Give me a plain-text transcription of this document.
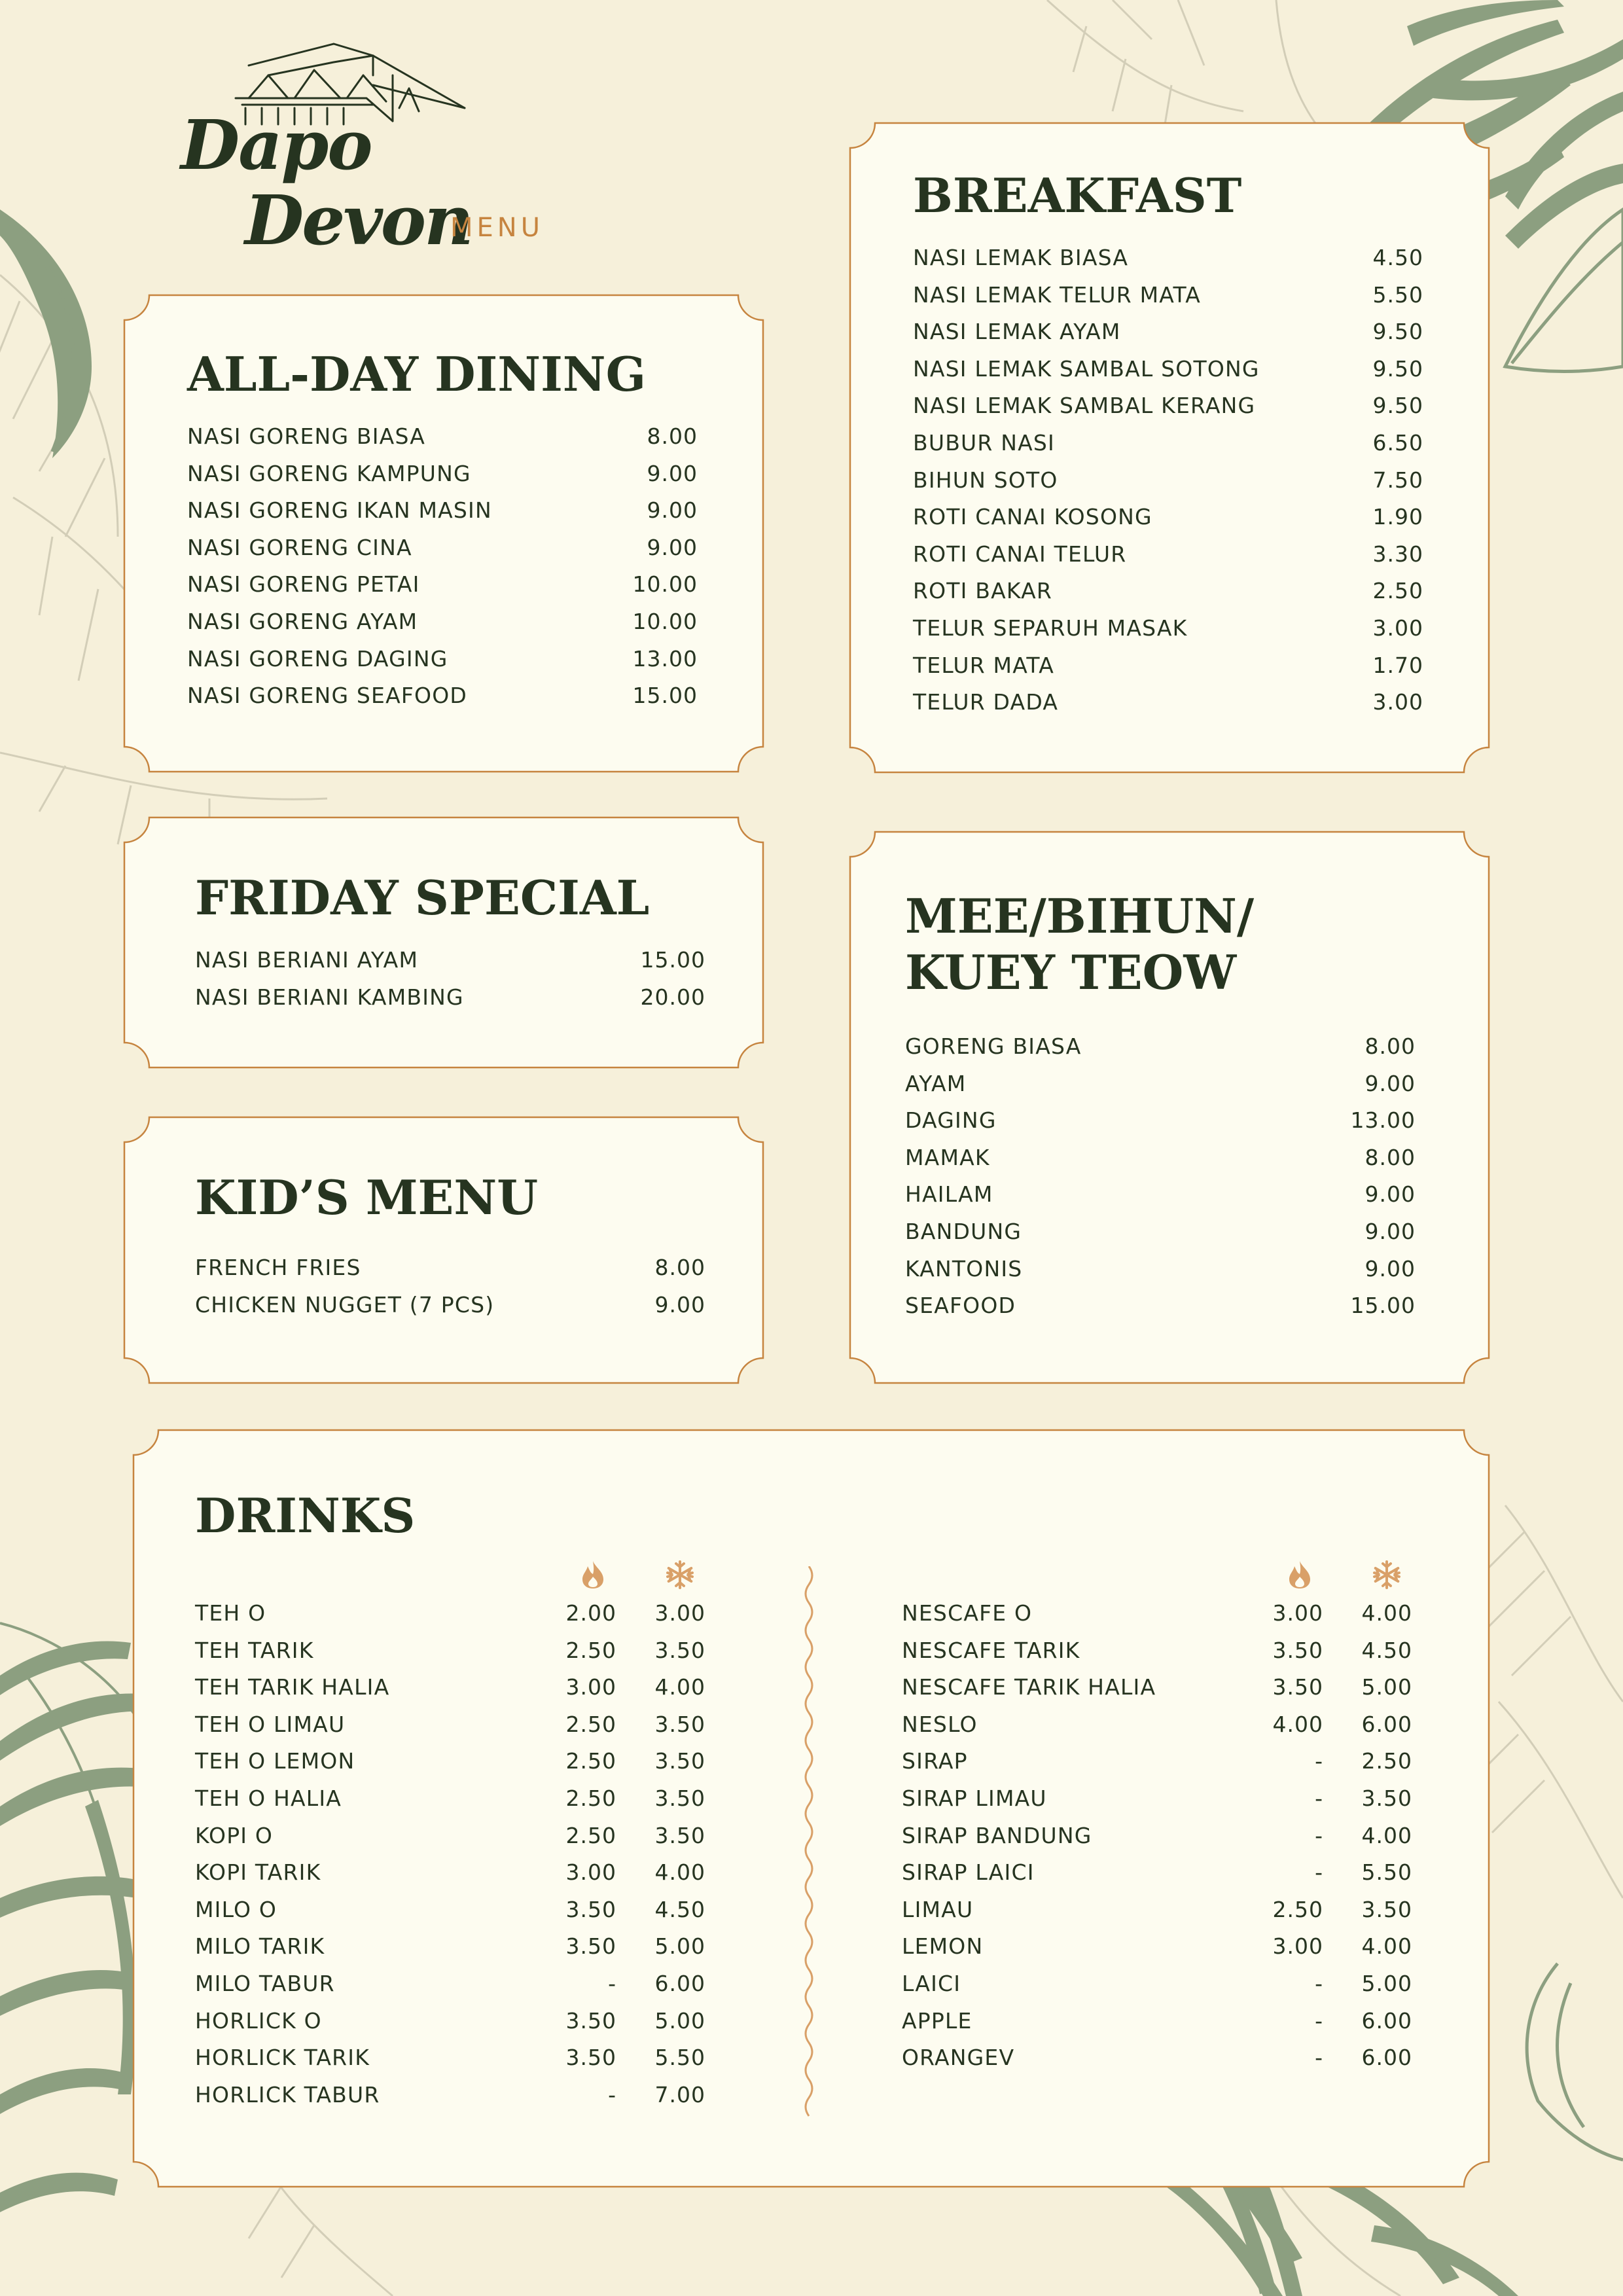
Dapo
Devon
MENU
ALL-DAY DINING
NASI GORENG BIASA	8.00
NASI GORENG KAMPUNG	9.00
NASI GORENG IKAN MASIN	9.00
NASI GORENG CINA	9.00
NASI GORENG PETAI	10.00
NASI GORENG AYAM	10.00
NASI GORENG DAGING	13.00
NASI GORENG SEAFOOD	15.00
BREAKFAST
NASI LEMAK BIASA	4.50
NASI LEMAK TELUR MATA	5.50
NASI LEMAK AYAM	9.50
NASI LEMAK SAMBAL SOTONG	9.50
NASI LEMAK SAMBAL KERANG	9.50
BUBUR NASI	6.50
BIHUN SOTO	7.50
ROTI CANAI KOSONG	1.90
ROTI CANAI TELUR	3.30
ROTI BAKAR	2.50
TELUR SEPARUH MASAK	3.00
TELUR MATA	1.70
TELUR DADA	3.00
FRIDAY SPECIAL
NASI BERIANI AYAM	15.00
NASI BERIANI KAMBING	20.00
KID’S MENU
FRENCH FRIES	8.00
CHICKEN NUGGET (7 PCS)	9.00
MEE/BIHUN/
KUEY TEOW
GORENG BIASA	8.00
AYAM	9.00
DAGING	13.00
MAMAK	8.00
HAILAM	9.00
BANDUNG	9.00
KANTONIS	9.00
SEAFOOD	15.00
DRINKS
TEH O	2.00 3.00
TEH TARIK	2.50 3.50
TEH TARIK HALIA	3.00 4.00
TEH O LIMAU	2.50 3.50
TEH O LEMON	2.50 3.50
TEH O HALIA	2.50 3.50
KOPI O	2.50 3.50
KOPI TARIK	3.00 4.00
MILO O	3.50 4.50
MILO TARIK	3.50 5.00
MILO TABUR	- 6.00
HORLICK O	3.50 5.00
HORLICK TARIK	3.50 5.50
HORLICK TABUR	- 7.00
NESCAFE O	3.00 4.00
NESCAFE TARIK	3.50 4.50
NESCAFE TARIK HALIA	3.50 5.00
NESLO	4.00 6.00
SIRAP	- 2.50
SIRAP LIMAU	- 3.50
SIRAP BANDUNG	- 4.00
SIRAP LAICI	- 5.50
LIMAU	2.50 3.50
LEMON	3.00 4.00
LAICI	- 5.00
APPLE	- 6.00
ORANGEV	- 6.00
